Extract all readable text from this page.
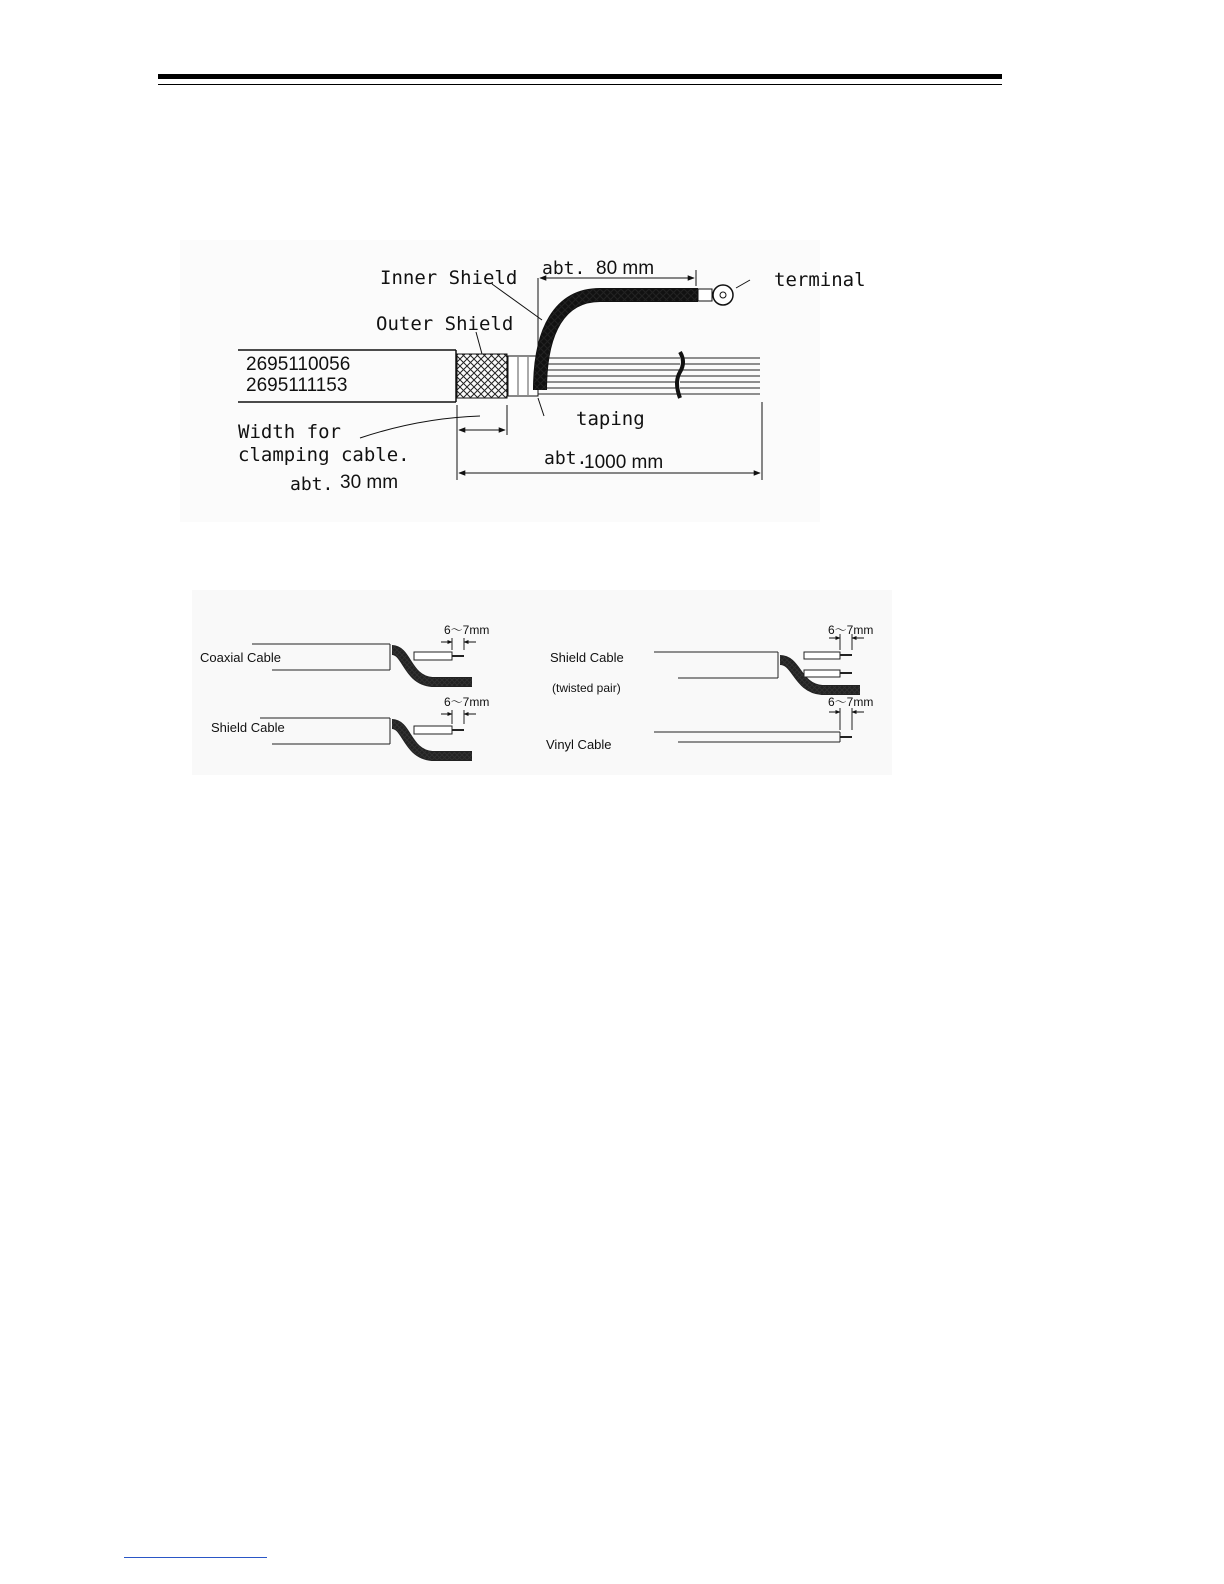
2695110056
2695111153
Inner Shield
Outer Shield
abt. 80 mm
terminal
taping
Width for
clamping cable.
abt. 30 mm
abt.
1000 mm
Coaxial Cable
Shield Cable
Shield Cable
(twisted pair)
Vinyl Cable
6～7mm
6～7mm
6～7mm
6～7mm
